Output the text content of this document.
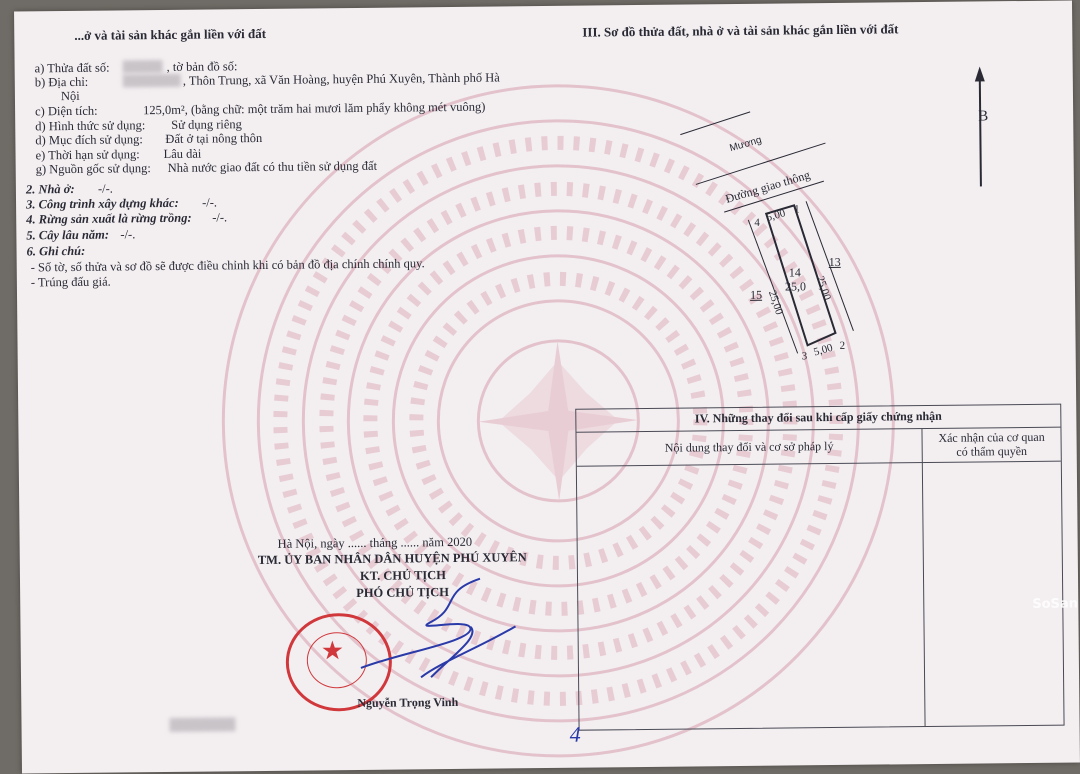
...ở và tài sản khác gắn liền với đất
a) Thửa đất số:	, tờ bản đồ số:
b) Địa chỉ:	, Thôn Trung, xã Văn Hoàng, huyện Phú Xuyên, Thành phố Hà
Nội
c) Diện tích:	125,0m², (bằng chữ: một trăm hai mươi lăm phẩy không mét vuông)
d) Hình thức sử dụng: Sử dụng riêng
d) Mục đích sử dụng: Đất ở tại nông thôn
e) Thời hạn sử dụng: Lâu dài
g) Nguồn gốc sử dụng: Nhà nước giao đất có thu tiền sử dụng đất
2. Nhà ở: -/-.
3. Công trình xây dựng khác: -/-.
4. Rừng sản xuất là rừng trồng: -/-.
5. Cây lâu năm: -/-.
6. Ghi chú:
- Số tờ, số thửa và sơ đồ sẽ được điều chỉnh khi có bản đồ địa chính chính quy.
- Trúng đấu giá.
III. Sơ đồ thửa đất, nhà ở và tài sản khác gắn liền với đất
B
Mương
Đường giao thông
4 5,00 1
14
25,0
13
15 25,00
25,00
3 5,00 2
IV. Những thay đổi sau khi cấp giấy chứng nhận
Nội dung thay đổi và cơ sở pháp lý
Xác nhận của cơ quan
có thẩm quyền
Hà Nội, ngày ...... tháng ...... năm 2020
TM. ỦY BAN NHÂN DÂN HUYỆN PHÚ XUYÊN
KT. CHỦ TỊCH
PHÓ CHỦ TỊCH
★
Nguyễn Trọng Vinh
4
SoSan
